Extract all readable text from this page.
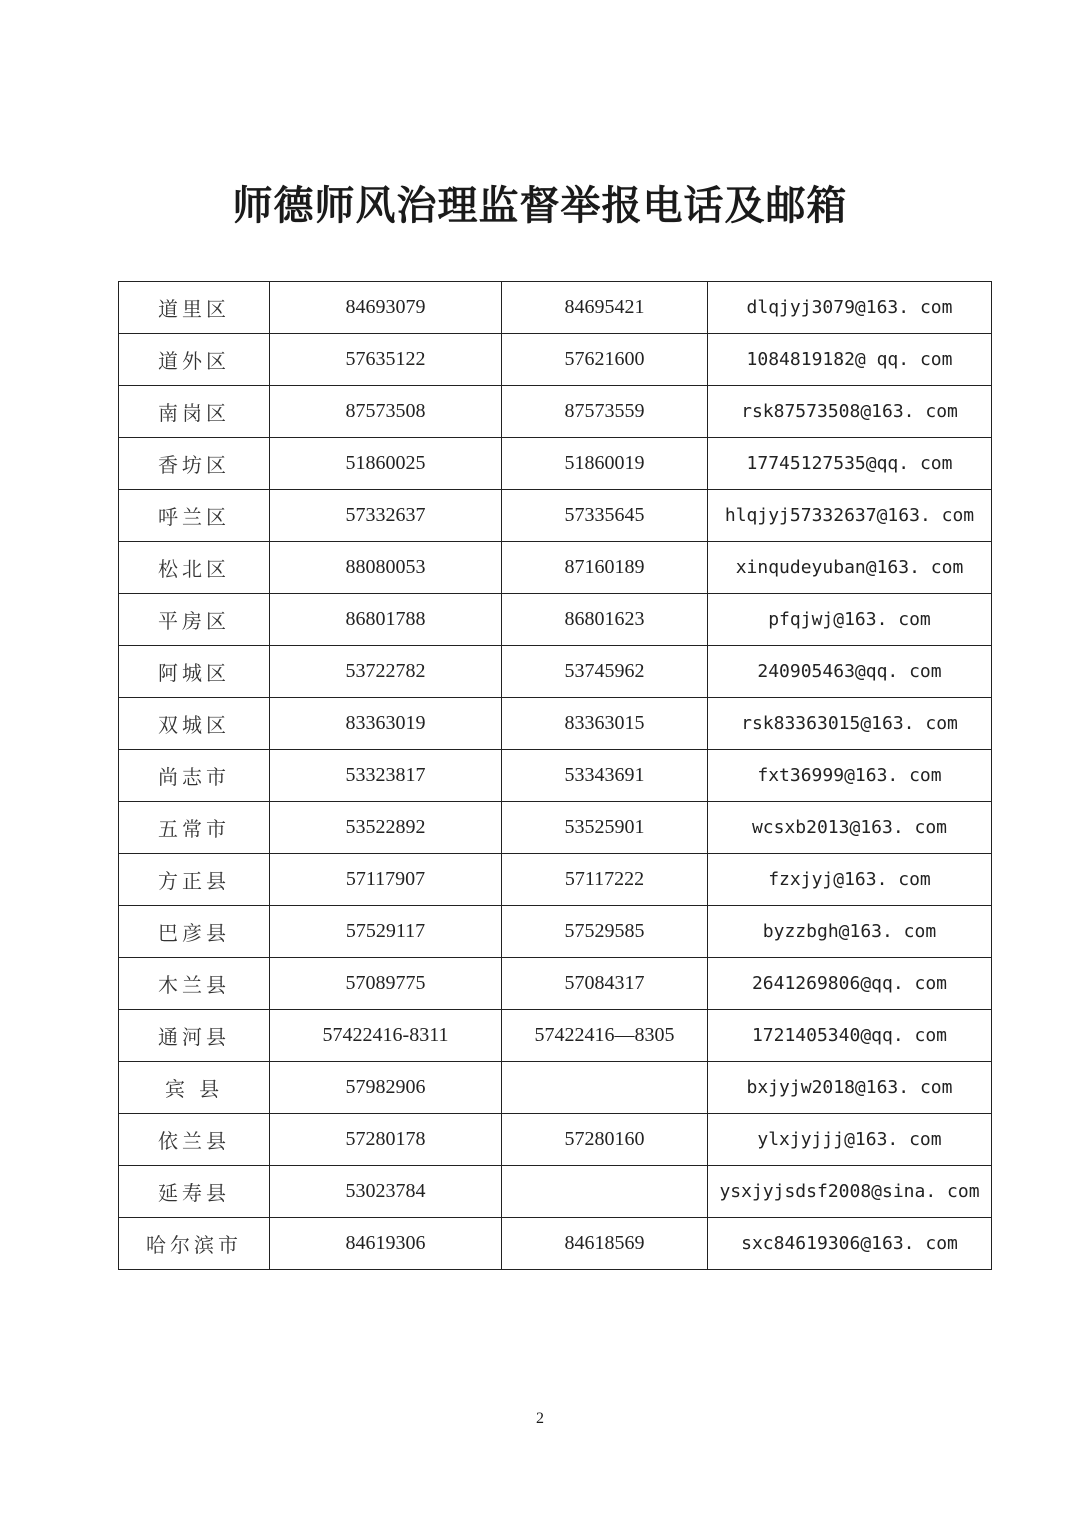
师德师风治理监督举报电话及邮箱
道里区	84693079	84695421	dlqjyj3079@163. com
道外区	57635122	57621600	1084819182@ qq. com
南岗区	87573508	87573559	rsk87573508@163. com
香坊区	51860025	51860019	17745127535@qq. com
呼兰区	57332637	57335645	hlqjyj57332637@163. com
松北区	88080053	87160189	xinqudeyuban@163. com
平房区	86801788	86801623	pfqjwj@163. com
阿城区	53722782	53745962	240905463@qq. com
双城区	83363019	83363015	rsk83363015@163. com
尚志市	53323817	53343691	fxt36999@163. com
五常市	53522892	53525901	wcsxb2013@163. com
方正县	57117907	57117222	fzxjyj@163. com
巴彦县	57529117	57529585	byzzbgh@163. com
木兰县	57089775	57084317	2641269806@qq. com
通河县	57422416-8311	57422416—8305	1721405340@qq. com
宾 县	57982906		bxjyjw2018@163. com
依兰县	57280178	57280160	ylxjyjjj@163. com
延寿县	53023784		ysxjyjsdsf2008@sina. com
哈尔滨市	84619306	84618569	sxc84619306@163. com
2
